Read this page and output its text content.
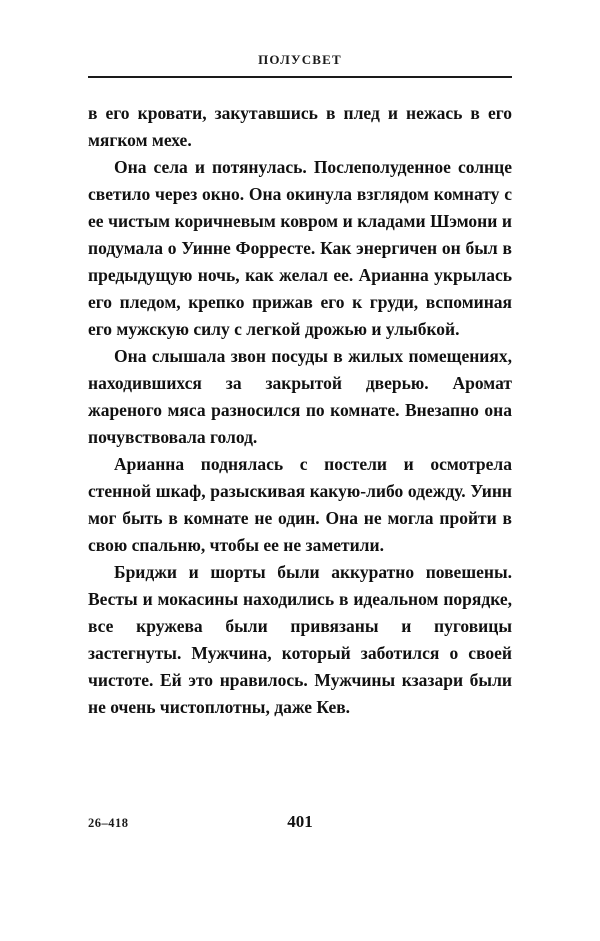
ПОЛУСВЕТ

в его кровати, закутавшись в плед и нежась в его мягком мехе.

Она села и потянулась. Послеполуденное солнце светило через окно. Она окинула взглядом комнату с ее чистым коричневым ковром и кладами Шэмони и подумала о Уинне Форресте. Как энергичен он был в предыдущую ночь, как желал ее. Арианна укрылась его пледом, крепко прижав его к груди, вспоминая его мужскую силу с легкой дрожью и улыбкой.

Она слышала звон посуды в жилых помещениях, находившихся за закрытой дверью. Аромат жареного мяса разносился по комнате. Внезапно она почувствовала голод.

Арианна поднялась с постели и осмотрела стенной шкаф, разыскивая какую-либо одежду. Уинн мог быть в комнате не один. Она не могла пройти в свою спальню, чтобы ее не заметили.

Бриджи и шорты были аккуратно повешены. Весты и мокасины находились в идеальном порядке, все кружева были привязаны и пуговицы застегнуты. Мужчина, который заботился о своей чистоте. Ей это нравилось. Мужчины кзазари были не очень чистоплотны, даже Кев.

26–418	401
